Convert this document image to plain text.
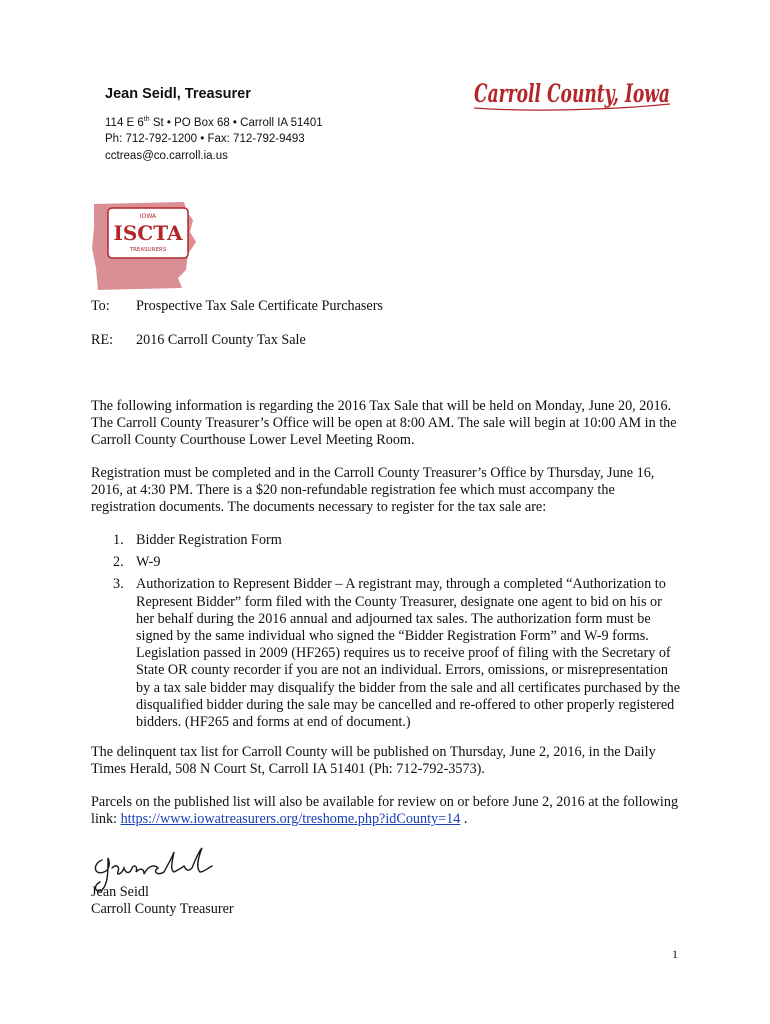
Jean Seidl, Treasurer
114 E 6th St • PO Box 68 • Carroll IA 51401
Ph: 712-792-1200 • Fax: 712-792-9493
cctreas@co.carroll.ia.us
Carroll County, Iowa
IOWA
ISCTA
TREASURERS
To: Prospective Tax Sale Certificate Purchasers
RE: 2016 Carroll County Tax Sale

The following information is regarding the 2016 Tax Sale that will be held on Monday, June 20, 2016. The Carroll County Treasurer’s Office will be open at 8:00 AM. The sale will begin at 10:00 AM in the Carroll County Courthouse Lower Level Meeting Room.

Registration must be completed and in the Carroll County Treasurer’s Office by Thursday, June 16, 2016, at 4:30 PM. There is a $20 non-refundable registration fee which must accompany the registration documents. The documents necessary to register for the tax sale are:

1. Bidder Registration Form
2. W-9
3. Authorization to Represent Bidder – A registrant may, through a completed “Authorization to Represent Bidder” form filed with the County Treasurer, designate one agent to bid on his or her behalf during the 2016 annual and adjourned tax sales. The authorization form must be signed by the same individual who signed the “Bidder Registration Form” and W-9 forms. Legislation passed in 2009 (HF265) requires us to receive proof of filing with the Secretary of State OR county recorder if you are not an individual. Errors, omissions, or misrepresentation by a tax sale bidder may disqualify the bidder from the sale and all certificates purchased by the disqualified bidder during the sale may be cancelled and re-offered to other properly registered bidders. (HF265 and forms at end of document.)

The delinquent tax list for Carroll County will be published on Thursday, June 2, 2016, in the Daily Times Herald, 508 N Court St, Carroll IA 51401 (Ph: 712-792-3573).

Parcels on the published list will also be available for review on or before June 2, 2016 at the following link: https://www.iowatreasurers.org/treshome.php?idCounty=14 .

Jean Seidl
Carroll County Treasurer
1
